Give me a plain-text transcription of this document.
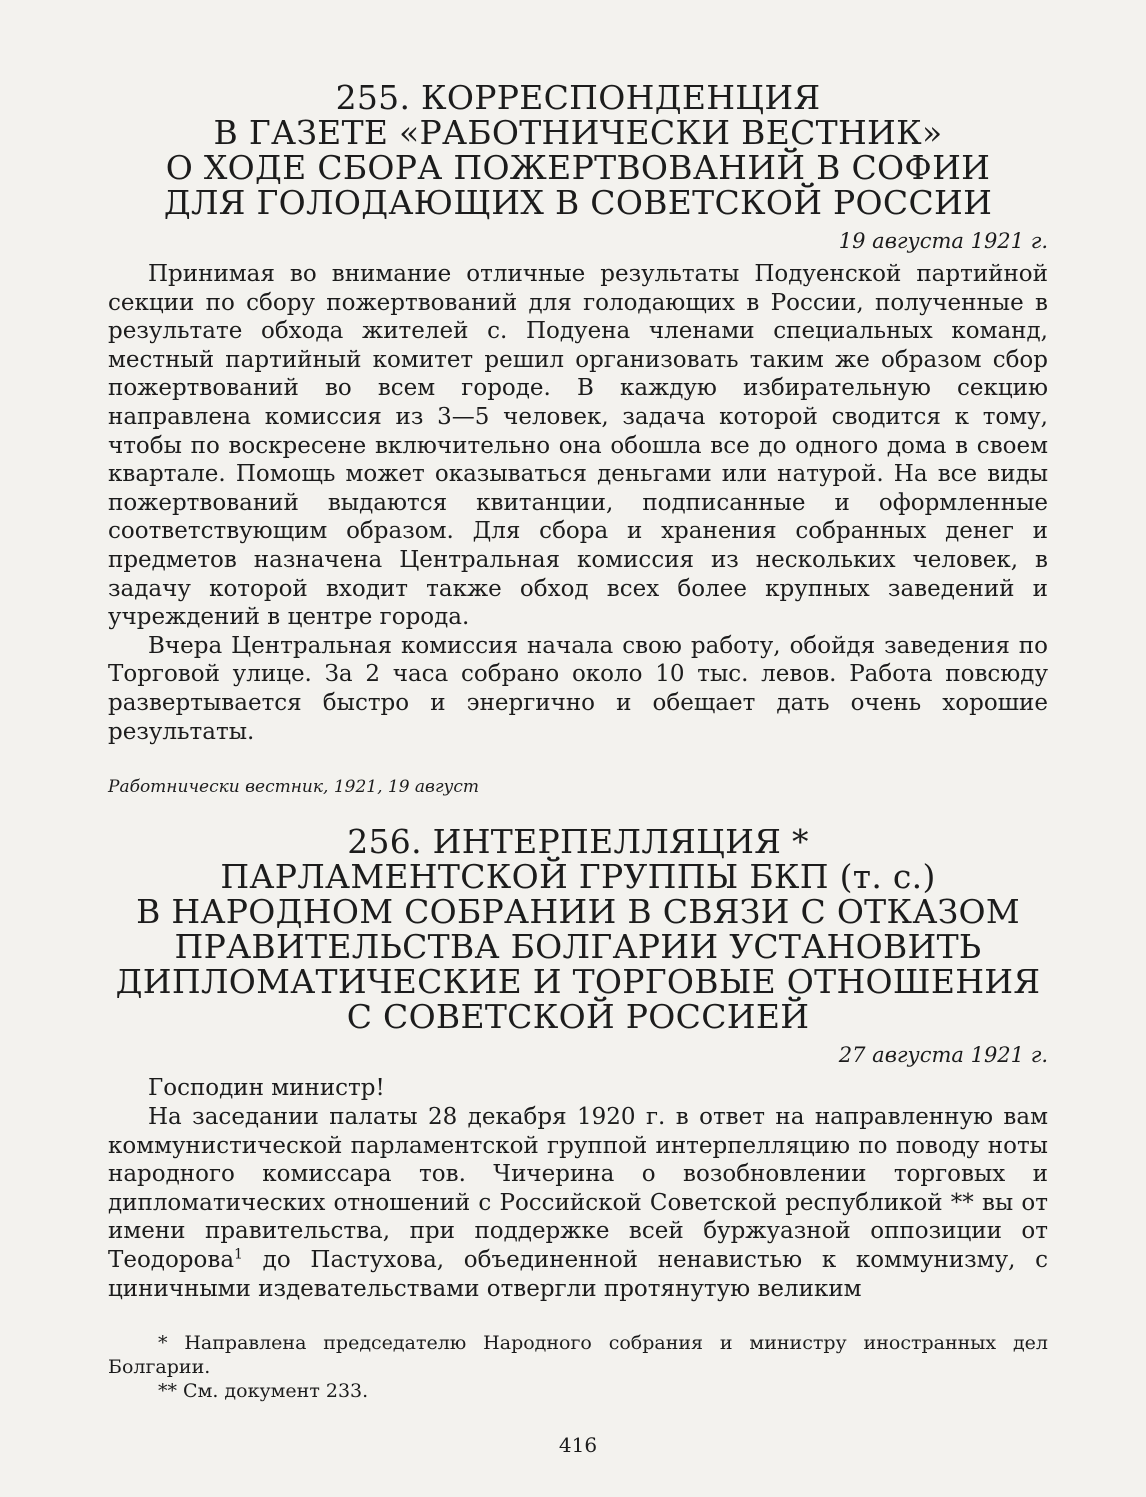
255. КОРРЕСПОНДЕНЦИЯ
В ГАЗЕТЕ «РАБОТНИЧЕСКИ ВЕСТНИК»
О ХОДЕ СБОРА ПОЖЕРТВОВАНИЙ В СОФИИ
ДЛЯ ГОЛОДАЮЩИХ В СОВЕТСКОЙ РОССИИ
19 августа 1921 г.

Принимая во внимание отличные результаты Подуенской партийной секции по сбору пожертвований для голодающих в России, полученные в результате обхода жителей с. Подуена членами специальных команд, местный партийный комитет решил организовать таким же образом сбор пожертвований во всем городе. В каждую избирательную секцию направлена комиссия из 3—5 человек, задача которой сводится к тому, чтобы по воскресене включительно она обошла все до одного дома в своем квартале. Помощь может оказываться деньгами или натурой. На все виды пожертвований выдаются квитанции, подписанные и оформленные соответствующим образом. Для сбора и хранения собранных денег и предметов назначена Центральная комиссия из нескольких человек, в задачу которой входит также обход всех более крупных заведений и учреждений в центре города.

Вчера Центральная комиссия начала свою работу, обойдя заведения по Торговой улице. За 2 часа собрано около 10 тыс. левов. Работа повсюду развертывается быстро и энергично и обещает дать очень хорошие результаты.

Работнически вестник, 1921, 19 август
256. ИНТЕРПЕЛЛЯЦИЯ *
ПАРЛАМЕНТСКОЙ ГРУППЫ БКП (т. с.)
В НАРОДНОМ СОБРАНИИ В СВЯЗИ С ОТКАЗОМ
ПРАВИТЕЛЬСТВА БОЛГАРИИ УСТАНОВИТЬ
ДИПЛОМАТИЧЕСКИЕ И ТОРГОВЫЕ ОТНОШЕНИЯ
С СОВЕТСКОЙ РОССИЕЙ
27 августа 1921 г.

Господин министр!

На заседании палаты 28 декабря 1920 г. в ответ на направленную вам коммунистической парламентской группой интерпелляцию по поводу ноты народного комиссара тов. Чичерина о возобновлении торговых и дипломатических отношений с Российской Советской республикой ** вы от имени правительства, при поддержке всей буржуазной оппозиции от Теодорова$^1$ до Пастухова, объединенной ненавистью к коммунизму, с циничными издевательствами отвергли протянутую великим

* Направлена председателю Народного собрания и министру иностранных дел Болгарии.

** См. документ 233.

416
